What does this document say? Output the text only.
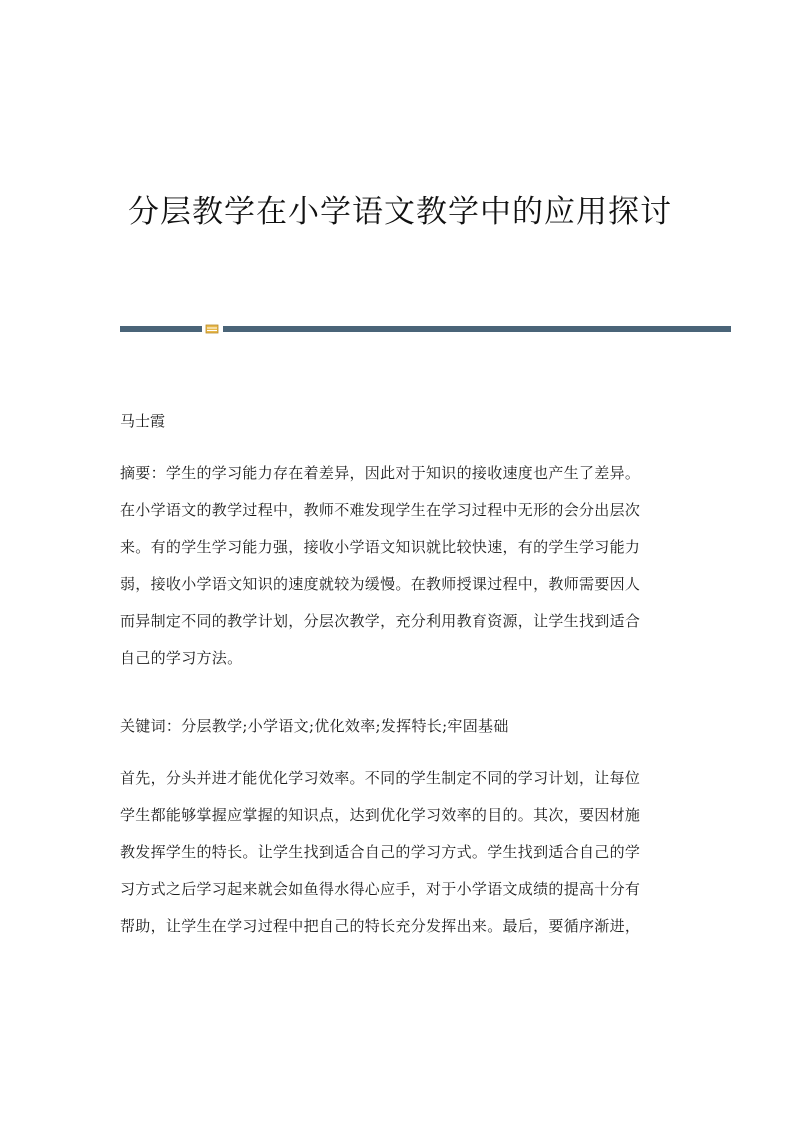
分层教学在小学语文教学中的应用探讨

马士霞

摘要：学生的学习能力存在着差异，因此对于知识的接收速度也产生了差异。
在小学语文的教学过程中，教师不难发现学生在学习过程中无形的会分出层次
来。有的学生学习能力强，接收小学语文知识就比较快速，有的学生学习能力
弱，接收小学语文知识的速度就较为缓慢。在教师授课过程中，教师需要因人
而异制定不同的教学计划，分层次教学，充分利用教育资源，让学生找到适合
自己的学习方法。

关键词：分层教学;小学语文;优化效率;发挥特长;牢固基础

首先，分头并进才能优化学习效率。不同的学生制定不同的学习计划，让每位
学生都能够掌握应掌握的知识点，达到优化学习效率的目的。其次，要因材施
教发挥学生的特长。让学生找到适合自己的学习方式。学生找到适合自己的学
习方式之后学习起来就会如鱼得水得心应手，对于小学语文成绩的提高十分有
帮助，让学生在学习过程中把自己的特长充分发挥出来。最后，要循序渐进，
